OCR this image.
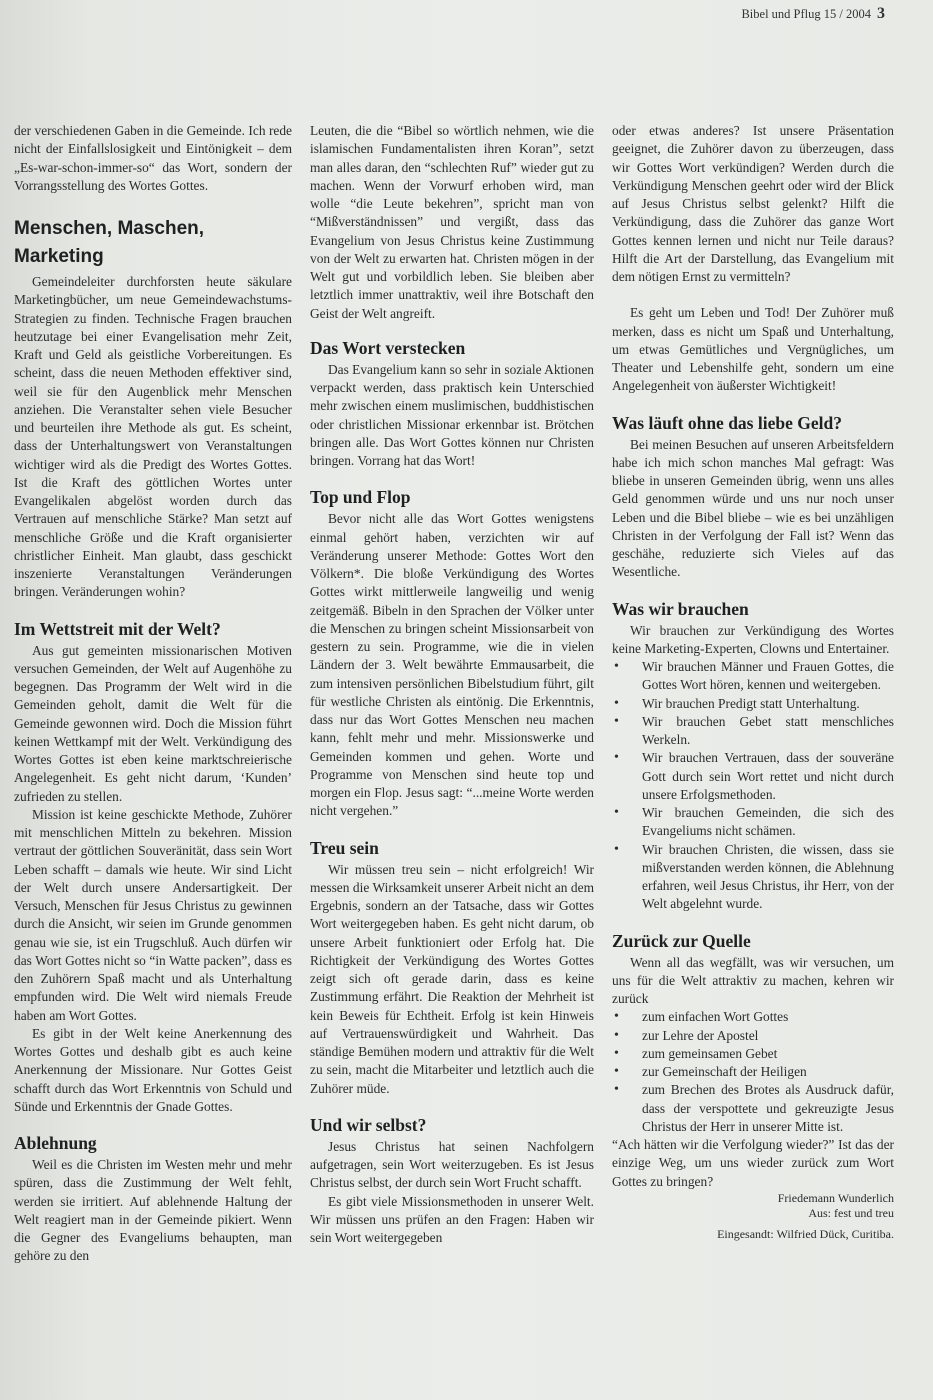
Bibel und Pflug 15 / 2004 3

der verschiedenen Gaben in die Gemeinde. Ich rede nicht der Einfallslosigkeit und Eintönigkeit – dem „Es-war-schon-immer-so“ das Wort, sondern der Vorrangsstellung des Wortes Gottes.

Menschen, Maschen, Marketing

Gemeindeleiter durchforsten heute säkulare Marketingbücher, um neue Gemeindewachstums-Strategien zu finden. Technische Fragen brauchen heutzutage bei einer Evangelisation mehr Zeit, Kraft und Geld als geistliche Vorbereitungen. Es scheint, dass die neuen Methoden effektiver sind, weil sie für den Augenblick mehr Menschen anziehen. Die Veranstalter sehen viele Besucher und beurteilen ihre Methode als gut. Es scheint, dass der Unterhaltungswert von Veranstaltungen wichtiger wird als die Predigt des Wortes Gottes. Ist die Kraft des göttlichen Wortes unter Evangelikalen abgelöst worden durch das Vertrauen auf menschliche Stärke? Man setzt auf menschliche Größe und die Kraft organisierter christlicher Einheit. Man glaubt, dass geschickt inszenierte Veranstaltungen Veränderungen bringen. Veränderungen wohin?

Im Wettstreit mit der Welt?

Aus gut gemeinten missionarischen Motiven versuchen Gemeinden, der Welt auf Augenhöhe zu begegnen. Das Programm der Welt wird in die Gemeinden geholt, damit die Welt für die Gemeinde gewonnen wird. Doch die Mission führt keinen Wettkampf mit der Welt. Verkündigung des Wortes Gottes ist eben keine marktschreierische Angelegenheit. Es geht nicht darum, ‘Kunden’ zufrieden zu stellen.

Mission ist keine geschickte Methode, Zuhörer mit menschlichen Mitteln zu bekehren. Mission vertraut der göttlichen Souveränität, dass sein Wort Leben schafft – damals wie heute. Wir sind Licht der Welt durch unsere Andersartigkeit. Der Versuch, Menschen für Jesus Christus zu gewinnen durch die Ansicht, wir seien im Grunde genommen genau wie sie, ist ein Trugschluß. Auch dürfen wir das Wort Gottes nicht so “in Watte packen”, dass es den Zuhörern Spaß macht und als Unterhaltung empfunden wird. Die Welt wird niemals Freude haben am Wort Gottes.

Es gibt in der Welt keine Anerkennung des Wortes Gottes und deshalb gibt es auch keine Anerkennung der Missionare. Nur Gottes Geist schafft durch das Wort Erkenntnis von Schuld und Sünde und Erkenntnis der Gnade Gottes.

Ablehnung

Weil es die Christen im Westen mehr und mehr spüren, dass die Zustimmung der Welt fehlt, werden sie irritiert. Auf ablehnende Haltung der Welt reagiert man in der Gemeinde pikiert. Wenn die Gegner des Evangeliums behaupten, man gehöre zu den

Leuten, die die “Bibel so wörtlich nehmen, wie die islamischen Fundamentalisten ihren Koran”, setzt man alles daran, den “schlechten Ruf” wieder gut zu machen. Wenn der Vorwurf erhoben wird, man wolle “die Leute bekehren”, spricht man von “Mißverständnissen” und vergißt, dass das Evangelium von Jesus Christus keine Zustimmung von der Welt zu erwarten hat. Christen mögen in der Welt gut und vorbildlich leben. Sie bleiben aber letztlich immer unattraktiv, weil ihre Botschaft den Geist der Welt angreift.

Das Wort verstecken

Das Evangelium kann so sehr in soziale Aktionen verpackt werden, dass praktisch kein Unterschied mehr zwischen einem muslimischen, buddhistischen oder christlichen Missionar erkennbar ist. Brötchen bringen alle. Das Wort Gottes können nur Christen bringen. Vorrang hat das Wort!

Top und Flop

Bevor nicht alle das Wort Gottes wenigstens einmal gehört haben, verzichten wir auf Veränderung unserer Methode: Gottes Wort den Völkern*. Die bloße Verkündigung des Wortes Gottes wirkt mittlerweile langweilig und wenig zeitgemäß. Bibeln in den Sprachen der Völker unter die Menschen zu bringen scheint Missionsarbeit von gestern zu sein. Programme, wie die in vielen Ländern der 3. Welt bewährte Emmausarbeit, die zum intensiven persönlichen Bibelstudium führt, gilt für westliche Christen als eintönig. Die Erkenntnis, dass nur das Wort Gottes Menschen neu machen kann, fehlt mehr und mehr. Missionswerke und Gemeinden kommen und gehen. Worte und Programme von Menschen sind heute top und morgen ein Flop. Jesus sagt: “...meine Worte werden nicht vergehen.”

Treu sein

Wir müssen treu sein – nicht erfolgreich! Wir messen die Wirksamkeit unserer Arbeit nicht an dem Ergebnis, sondern an der Tatsache, dass wir Gottes Wort weitergegeben haben. Es geht nicht darum, ob unsere Arbeit funktioniert oder Erfolg hat. Die Richtigkeit der Verkündigung des Wortes Gottes zeigt sich oft gerade darin, dass es keine Zustimmung erfährt. Die Reaktion der Mehrheit ist kein Beweis für Echtheit. Erfolg ist kein Hinweis auf Vertrauenswürdigkeit und Wahrheit. Das ständige Bemühen modern und attraktiv für die Welt zu sein, macht die Mitarbeiter und letztlich auch die Zuhörer müde.

Und wir selbst?

Jesus Christus hat seinen Nachfolgern aufgetragen, sein Wort weiterzugeben. Es ist Jesus Christus selbst, der durch sein Wort Frucht schafft.

Es gibt viele Missionsmethoden in unserer Welt. Wir müssen uns prüfen an den Fragen: Haben wir sein Wort weitergegeben

oder etwas anderes? Ist unsere Präsentation geeignet, die Zuhörer davon zu überzeugen, dass wir Gottes Wort verkündigen? Werden durch die Verkündigung Menschen geehrt oder wird der Blick auf Jesus Christus selbst gelenkt? Hilft die Verkündigung, dass die Zuhörer das ganze Wort Gottes kennen lernen und nicht nur Teile daraus? Hilft die Art der Darstellung, das Evangelium mit dem nötigen Ernst zu vermitteln?

Es geht um Leben und Tod! Der Zuhörer muß merken, dass es nicht um Spaß und Unterhaltung, um etwas Gemütliches und Vergnügliches, um Theater und Lebenshilfe geht, sondern um eine Angelegenheit von äußerster Wichtigkeit!

Was läuft ohne das liebe Geld?

Bei meinen Besuchen auf unseren Arbeitsfeldern habe ich mich schon manches Mal gefragt: Was bliebe in unseren Gemeinden übrig, wenn uns alles Geld genommen würde und uns nur noch unser Leben und die Bibel bliebe – wie es bei unzähligen Christen in der Verfolgung der Fall ist? Wenn das geschähe, reduzierte sich Vieles auf das Wesentliche.

Was wir brauchen

Wir brauchen zur Verkündigung des Wortes keine Marketing-Experten, Clowns und Entertainer.

• Wir brauchen Männer und Frauen Gottes, die Gottes Wort hören, kennen und weitergeben.
• Wir brauchen Predigt statt Unterhaltung.
• Wir brauchen Gebet statt menschliches Werkeln.
• Wir brauchen Vertrauen, dass der souveräne Gott durch sein Wort rettet und nicht durch unsere Erfolgsmethoden.
• Wir brauchen Gemeinden, die sich des Evangeliums nicht schämen.
• Wir brauchen Christen, die wissen, dass sie mißverstanden werden können, die Ablehnung erfahren, weil Jesus Christus, ihr Herr, von der Welt abgelehnt wurde.
Zurück zur Quelle

Wenn all das wegfällt, was wir versuchen, um uns für die Welt attraktiv zu machen, kehren wir zurück

• zum einfachen Wort Gottes
• zur Lehre der Apostel
• zum gemeinsamen Gebet
• zur Gemeinschaft der Heiligen
• zum Brechen des Brotes als Ausdruck dafür, dass der verspottete und gekreuzigte Jesus Christus der Herr in unserer Mitte ist.

“Ach hätten wir die Verfolgung wieder?” Ist das der einzige Weg, um uns wieder zurück zum Wort Gottes zu bringen?

Friedemann Wunderlich
Aus: fest und treu
Eingesandt: Wilfried Dück, Curitiba.
